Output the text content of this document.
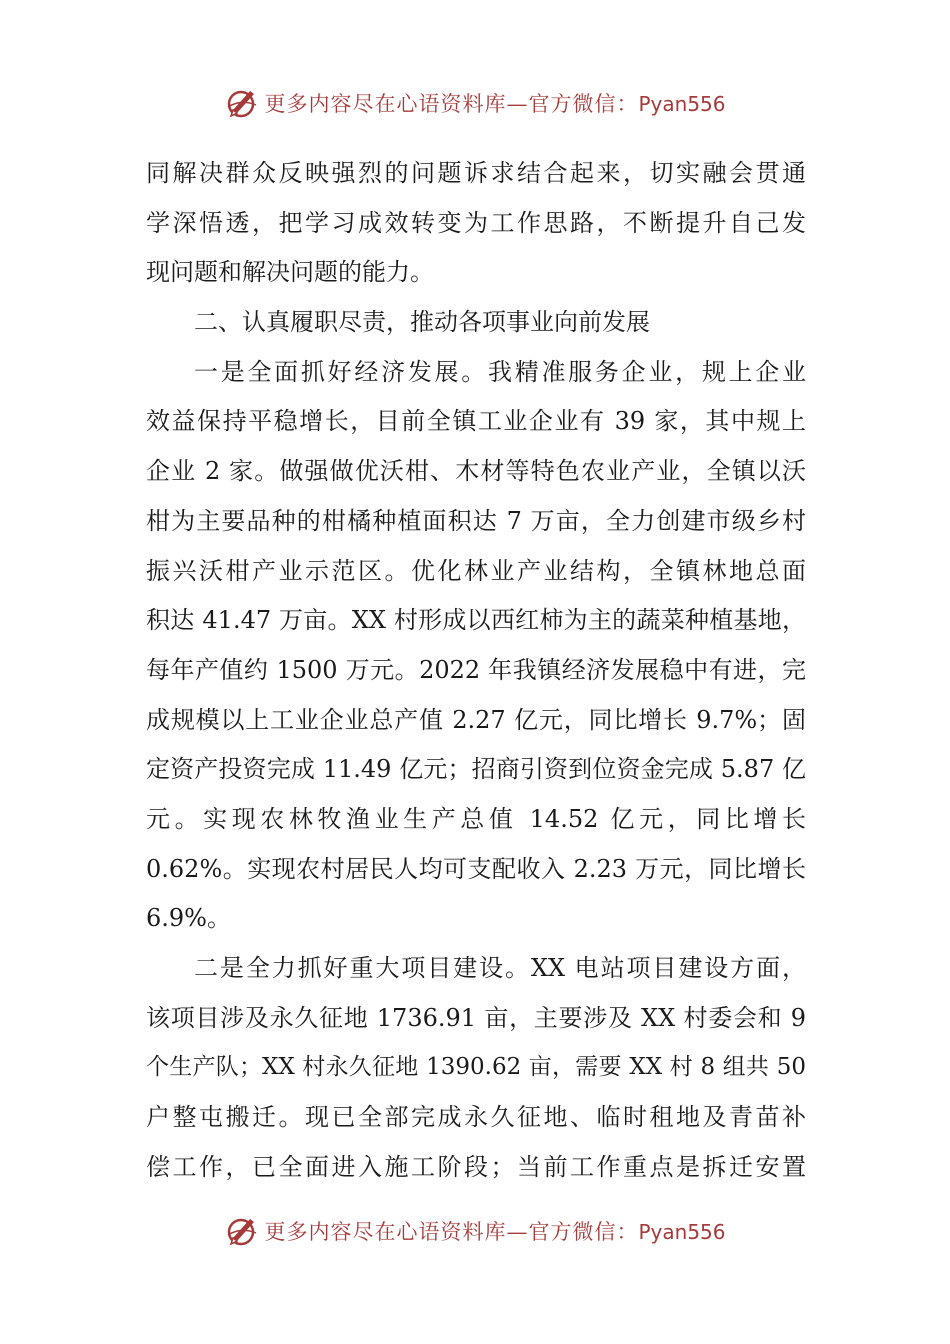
更多内容尽在心语资料库—官方微信：Pyan556
同解决群众反映强烈的问题诉求结合起来，切实融会贯通
学深悟透，把学习成效转变为工作思路，不断提升自己发
现问题和解决问题的能力。
二、认真履职尽责，推动各项事业向前发展
一是全面抓好经济发展。我精准服务企业，规上企业
效益保持平稳增长，目前全镇工业企业有 39 家，其中规上
企业 2 家。做强做优沃柑、木材等特色农业产业，全镇以沃
柑为主要品种的柑橘种植面积达 7 万亩，全力创建市级乡村
振兴沃柑产业示范区。优化林业产业结构，全镇林地总面
积达 41.47 万亩。XX 村形成以西红柿为主的蔬菜种植基地，
每年产值约 1500 万元。2022 年我镇经济发展稳中有进，完
成规模以上工业企业总产值 2.27 亿元，同比增长 9.7%；固
定资产投资完成 11.49 亿元；招商引资到位资金完成 5.87 亿
元。实现农林牧渔业生产总值 14.52 亿元，同比增长
0.62%。实现农村居民人均可支配收入 2.23 万元，同比增长
6.9%。
二是全力抓好重大项目建设。XX 电站项目建设方面，
该项目涉及永久征地 1736.91 亩，主要涉及 XX 村委会和 9
个生产队；XX 村永久征地 1390.62 亩，需要 XX 村 8 组共 50
户整屯搬迁。现已全部完成永久征地、临时租地及青苗补
偿工作，已全面进入施工阶段；当前工作重点是拆迁安置
更多内容尽在心语资料库—官方微信：Pyan556
